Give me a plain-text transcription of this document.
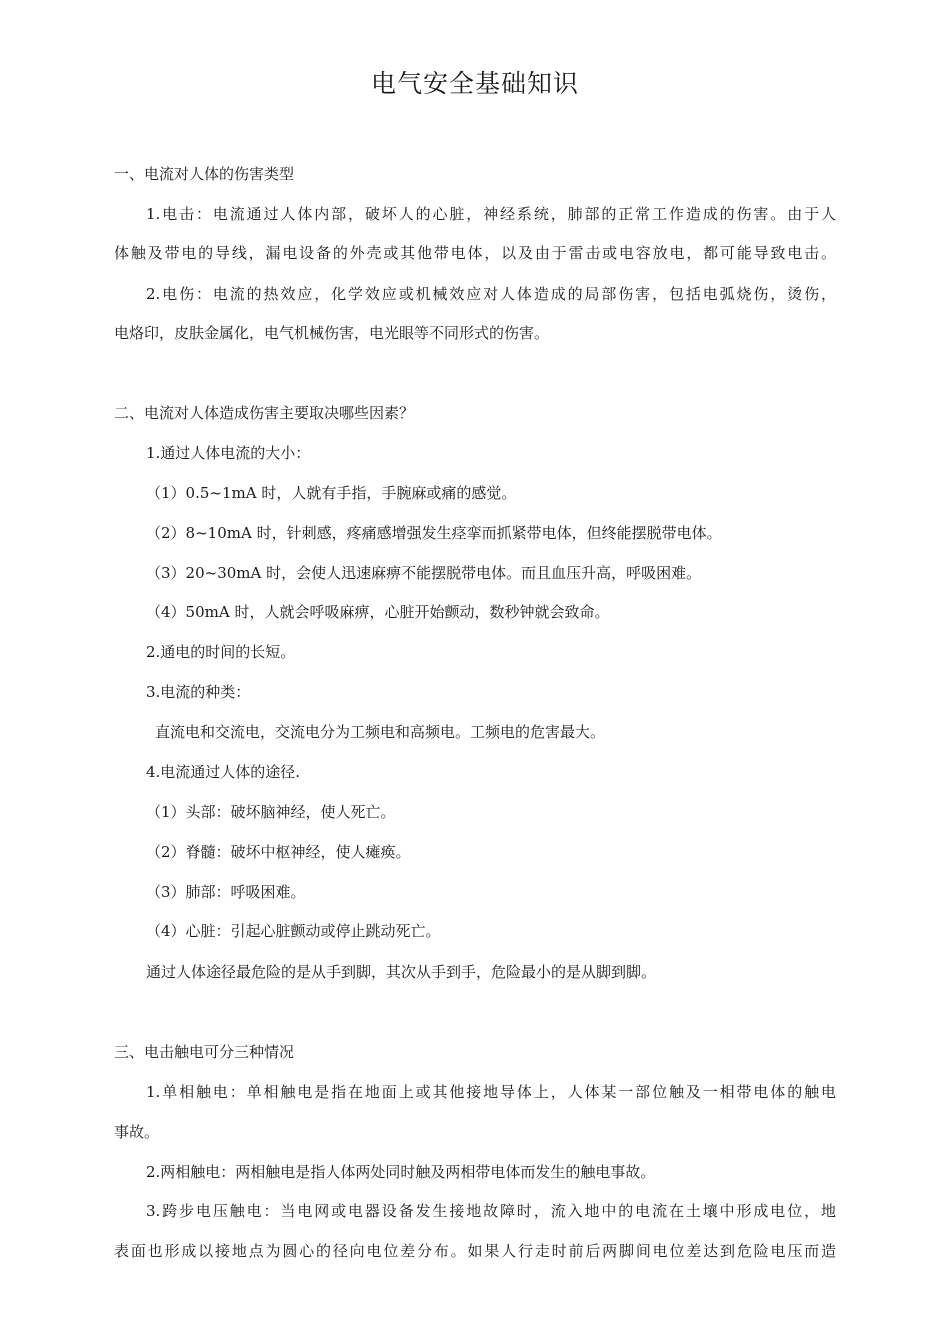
电气安全基础知识
一、电流对人体的伤害类型
1.电击：电流通过人体内部，破坏人的心脏，神经系统，肺部的正常工作造成的伤害。由于人
体触及带电的导线，漏电设备的外壳或其他带电体，以及由于雷击或电容放电，都可能导致电击。
2.电伤：电流的热效应，化学效应或机械效应对人体造成的局部伤害，包括电弧烧伤，烫伤，
电烙印，皮肤金属化，电气机械伤害，电光眼等不同形式的伤害。
二、电流对人体造成伤害主要取决哪些因素？
1.通过人体电流的大小：
（1）0.5~1mA 时，人就有手指，手腕麻或痛的感觉。
（2）8~10mA 时，针刺感，疼痛感增强发生痉挛而抓紧带电体，但终能摆脱带电体。
（3）20~30mA 时，会使人迅速麻痹不能摆脱带电体。而且血压升高，呼吸困难。
（4）50mA 时，人就会呼吸麻痹，心脏开始颤动，数秒钟就会致命。
2.通电的时间的长短。
3.电流的种类：
直流电和交流电，交流电分为工频电和高频电。工频电的危害最大。
4.电流通过人体的途径.
（1）头部：破坏脑神经，使人死亡。
（2）脊髓：破坏中枢神经，使人瘫痪。
（3）肺部：呼吸困难。
（4）心脏：引起心脏颤动或停止跳动死亡。
通过人体途径最危险的是从手到脚，其次从手到手，危险最小的是从脚到脚。
三、电击触电可分三种情况
1.单相触电：单相触电是指在地面上或其他接地导体上，人体某一部位触及一相带电体的触电
事故。
2.两相触电：两相触电是指人体两处同时触及两相带电体而发生的触电事故。
3.跨步电压触电：当电网或电器设备发生接地故障时，流入地中的电流在土壤中形成电位，地
表面也形成以接地点为圆心的径向电位差分布。如果人行走时前后两脚间电位差达到危险电压而造
